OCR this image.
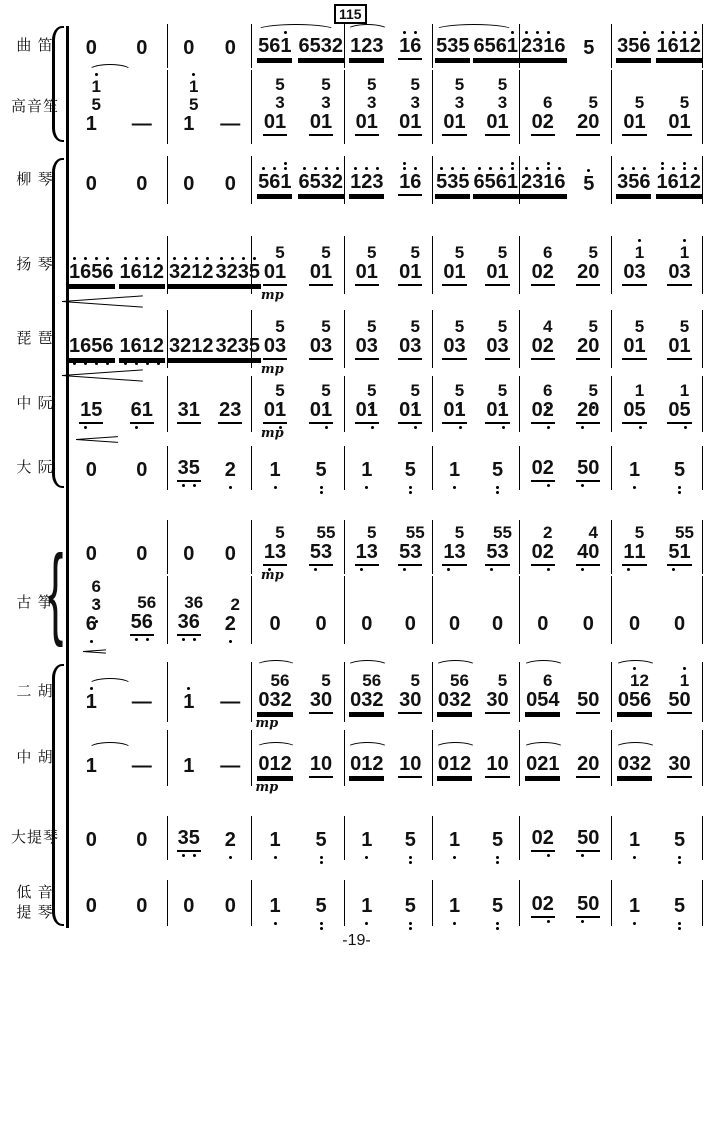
115
{
曲 笛 0 0 0 0 561 6532 123 1
6 535 6561 2
3
1
6 5 356 1
6
1
2
高音笙
1
5
1 —
1
5
1 —
5
3
01
5
3
01
5
3
01
5
3
01
5
3
01
5
3
01
6
02
5
20
5
01
5
01
柳 琴 0 0 0 0 5
6
1 6
5
3
2 1
2
3 1
6 5
3
5 6
5
6
1 2
3
1
6 5 3
5
6 1
6
1
2
扬 琴 1
6
5
6 1
6
1
2 3
2
1
2 3
2
3
5
5
01
mp
5
01
5
01
5
01
5
01
5
01
6
02
5
20
1
03
1
03
琵 琶 1
6
5
6 1
6
1
2 3212 3235
5
03
mp
5
03
5
03
5
03
5
03
5
03
4
02
5
20
5
01
5
01
中 阮 1
5 6
1 31 23
5
01
mp
5
01
5
01
5
01
5
01
5
01
6
02
5
2
0
1
05
1
05
大 阮 0 0 3
5 2 1 5 1 5 1 5 02 5
0 1 5
古 筝
0 0 0 0
5
1
3
mp
55
5
3
5
1
3
55
5
3
5
1
3
55
5
3
2
02
4
4
0
5
1
1
55
5
1
6
3
6
56
5
6
36
3
6
2
2 0 0 0 0 0 0 0 0 0 0
二 胡 1 — 1 —
56
032
mp
5
30
56
032
5
30
56
032
5
30
6
054 50
1
2
056
1
50
中 胡 1 — 1 — 012
mp
10 012 10 012 10 021 20 032 30
大提琴 0 0 3
5 2 1 5 1 5 1 5 02 5
0 1 5
低 音
提 琴 0 0 0 0 1 5 1 5 1 5 02 5
0 1 5
-19-
